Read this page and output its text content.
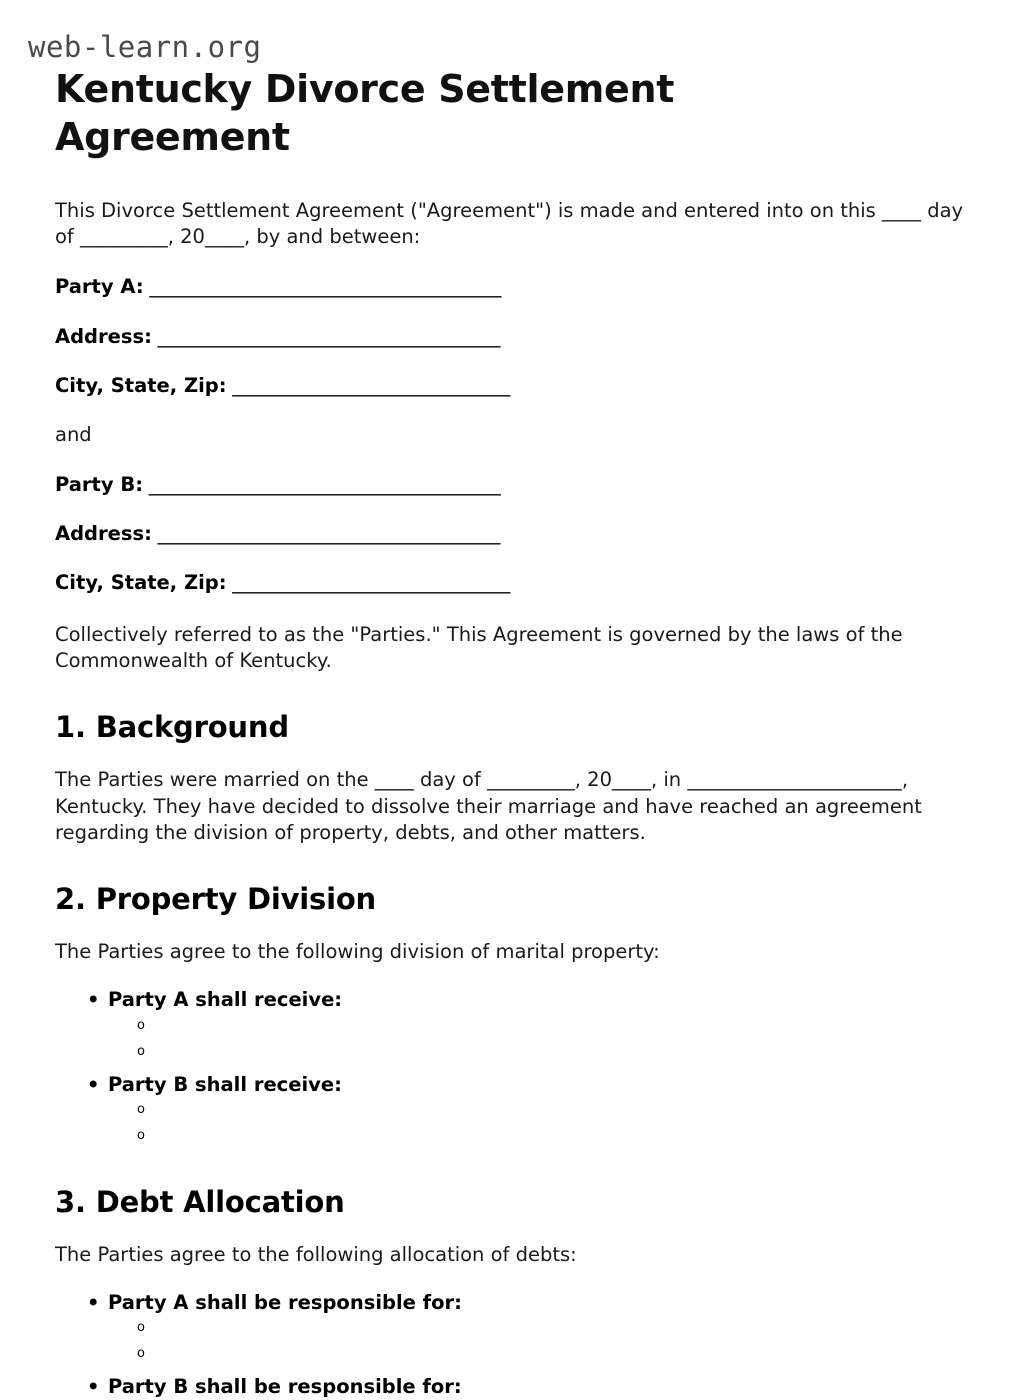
web-learn.org
Kentucky Divorce Settlement Agreement

This Divorce Settlement Agreement ("Agreement") is made and entered into on this ____ day of _________, 20____, by and between:

Party A: ______________________________________
Address: _____________________________________
City, State, Zip: ______________________________
and
Party B: ______________________________________
Address: _____________________________________
City, State, Zip: ______________________________

Collectively referred to as the "Parties." This Agreement is governed by the laws of the Commonwealth of Kentucky.

1. Background

The Parties were married on the ____ day of _________, 20____, in ______________________, Kentucky. They have decided to dissolve their marriage and have reached an agreement regarding the division of property, debts, and other matters.

2. Property Division

The Parties agree to the following division of marital property:

• Party A shall receive:
o
o
• Party B shall receive:
o
o
3. Debt Allocation

The Parties agree to the following allocation of debts:

• Party A shall be responsible for:
o
o
• Party B shall be responsible for:
